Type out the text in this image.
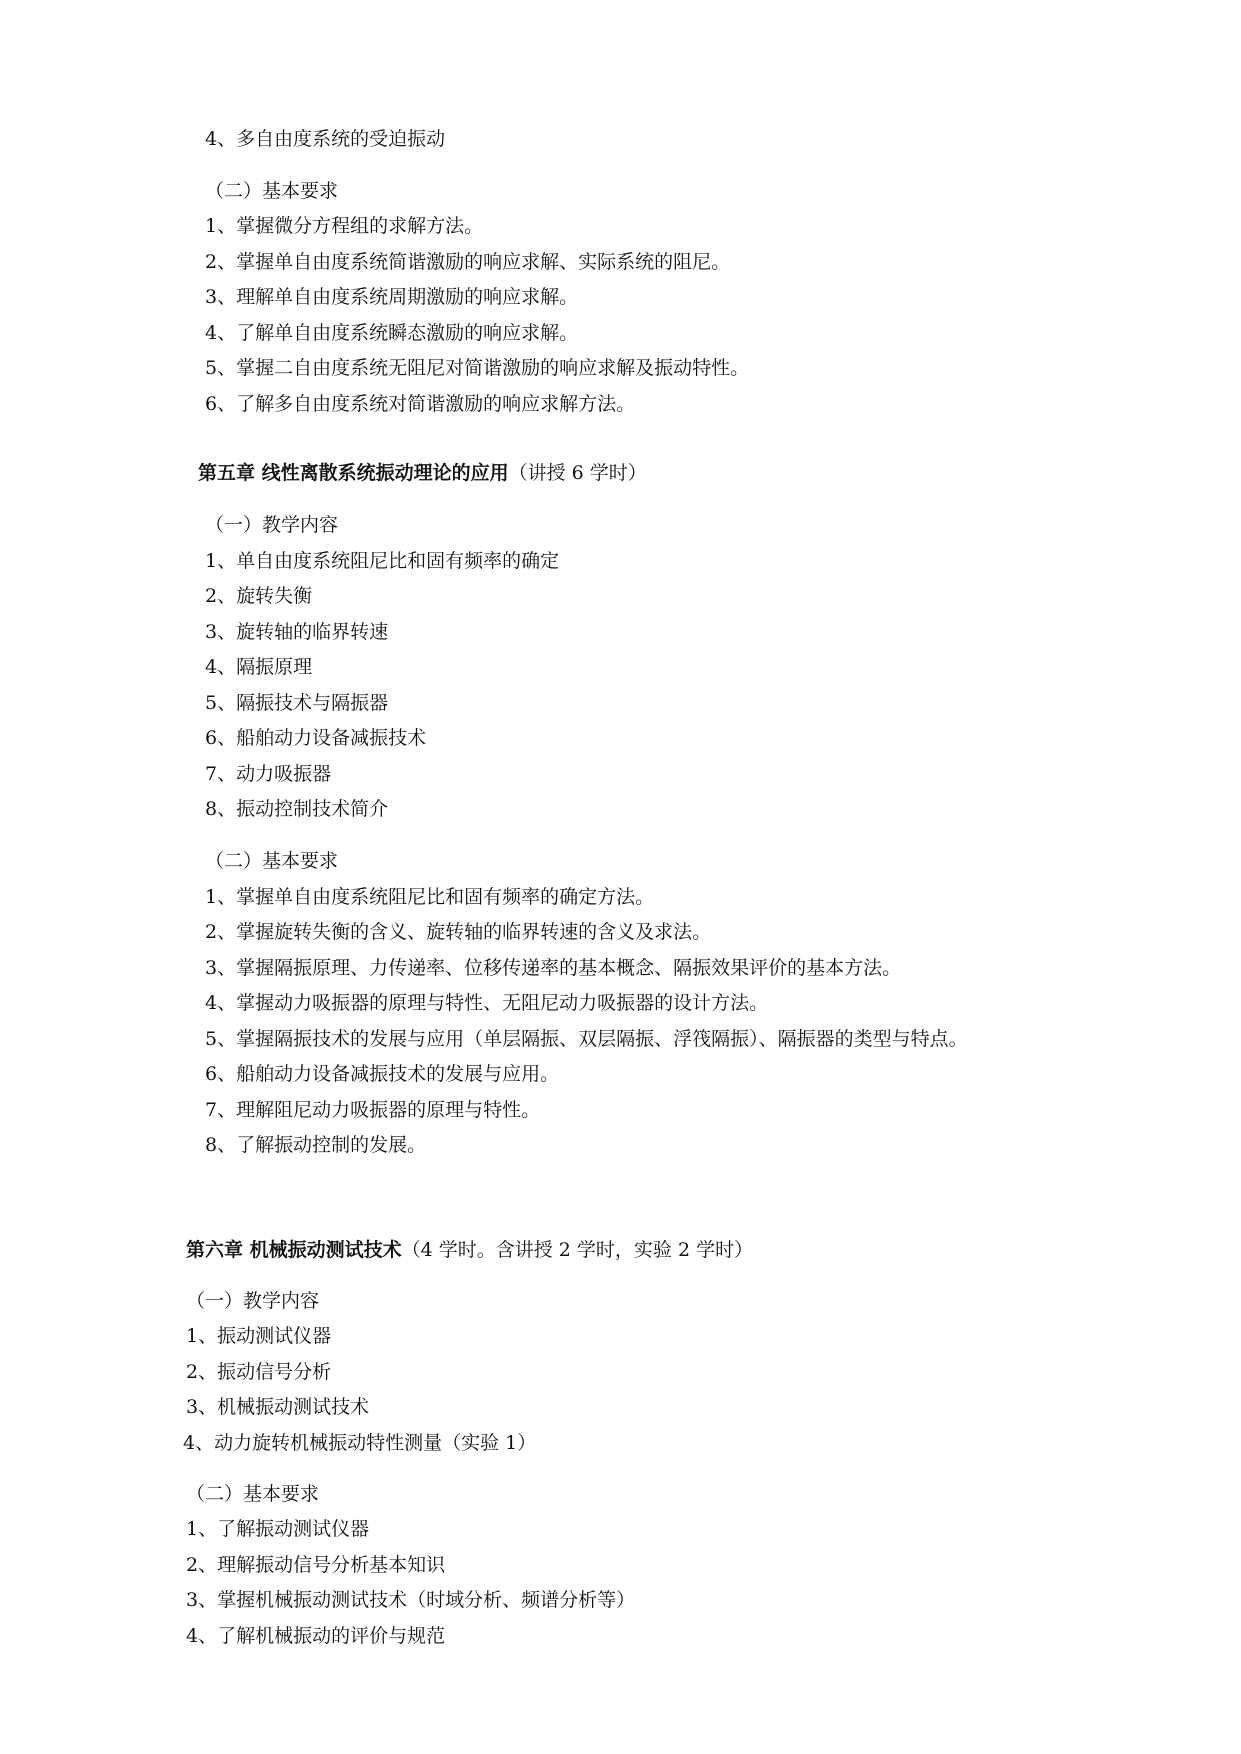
4、多自由度系统的受迫振动
（二）基本要求
1、掌握微分方程组的求解方法。
2、掌握单自由度系统简谐激励的响应求解、实际系统的阻尼。
3、理解单自由度系统周期激励的响应求解。
4、了解单自由度系统瞬态激励的响应求解。
5、掌握二自由度系统无阻尼对简谐激励的响应求解及振动特性。
6、了解多自由度系统对简谐激励的响应求解方法。
第五章 线性离散系统振动理论的应用（讲授 6 学时）
（一）教学内容
1、单自由度系统阻尼比和固有频率的确定
2、旋转失衡
3、旋转轴的临界转速
4、隔振原理
5、隔振技术与隔振器
6、船舶动力设备减振技术
7、动力吸振器
8、振动控制技术简介
（二）基本要求
1、掌握单自由度系统阻尼比和固有频率的确定方法。
2、掌握旋转失衡的含义、旋转轴的临界转速的含义及求法。
3、掌握隔振原理、力传递率、位移传递率的基本概念、隔振效果评价的基本方法。
4、掌握动力吸振器的原理与特性、无阻尼动力吸振器的设计方法。
5、掌握隔振技术的发展与应用（单层隔振、双层隔振、浮筏隔振）、隔振器的类型与特点。
6、船舶动力设备减振技术的发展与应用。
7、理解阻尼动力吸振器的原理与特性。
8、了解振动控制的发展。
第六章 机械振动测试技术（4 学时。含讲授 2 学时，实验 2 学时）
（一）教学内容
1、振动测试仪器
2、振动信号分析
3、机械振动测试技术
4、动力旋转机械振动特性测量（实验 1）
（二）基本要求
1、了解振动测试仪器
2、理解振动信号分析基本知识
3、掌握机械振动测试技术（时域分析、频谱分析等）
4、了解机械振动的评价与规范
